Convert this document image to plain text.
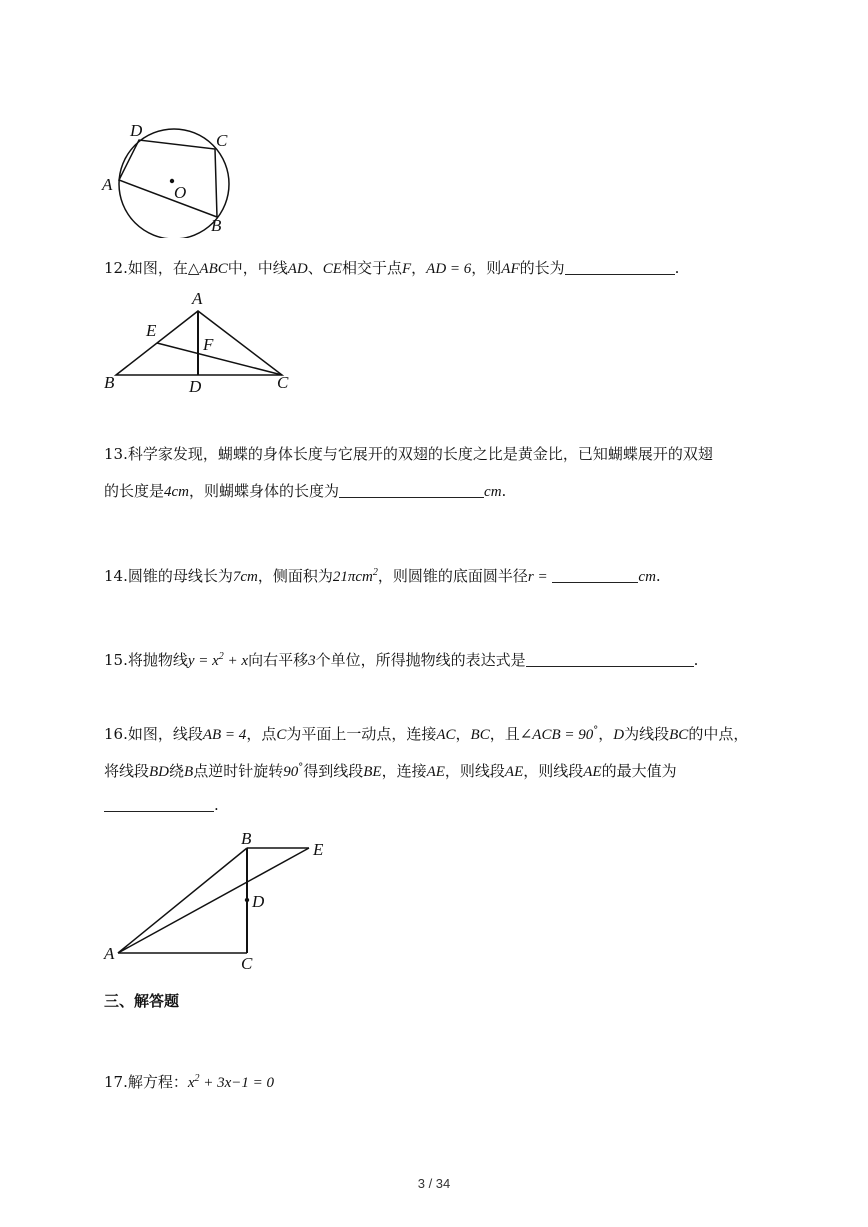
D
C
A	O
B
12.如图，在△ABC中，中线AD、CE相交于点F，AD = 6，则AF的长为	.
A
E
F
B	D	C
13.科学家发现，蝴蝶的身体长度与它展开的双翅的长度之比是黄金比，已知蝴蝶展开的双翅
的长度是4cm，则蝴蝶身体的长度为	cm.
14.圆锥的母线长为7cm，侧面积为21πcm$^2$，则圆锥的底面圆半径r =	cm.
15.将抛物线$y = x^2 + x$向右平移3个单位，所得抛物线的表达式是	.
16.如图，线段AB = 4，点C为平面上一动点，连接AC，BC，且∠ACB = 90°，D为线段BC的中点，
将线段BD绕B点逆时针旋转90°得到线段BE，连接AE，则线段AE，则线段AE的最大值为
.
B
E
D
A
C
三、解答题
17.解方程：$x^2 + 3x-1 = 0$
3 / 34
